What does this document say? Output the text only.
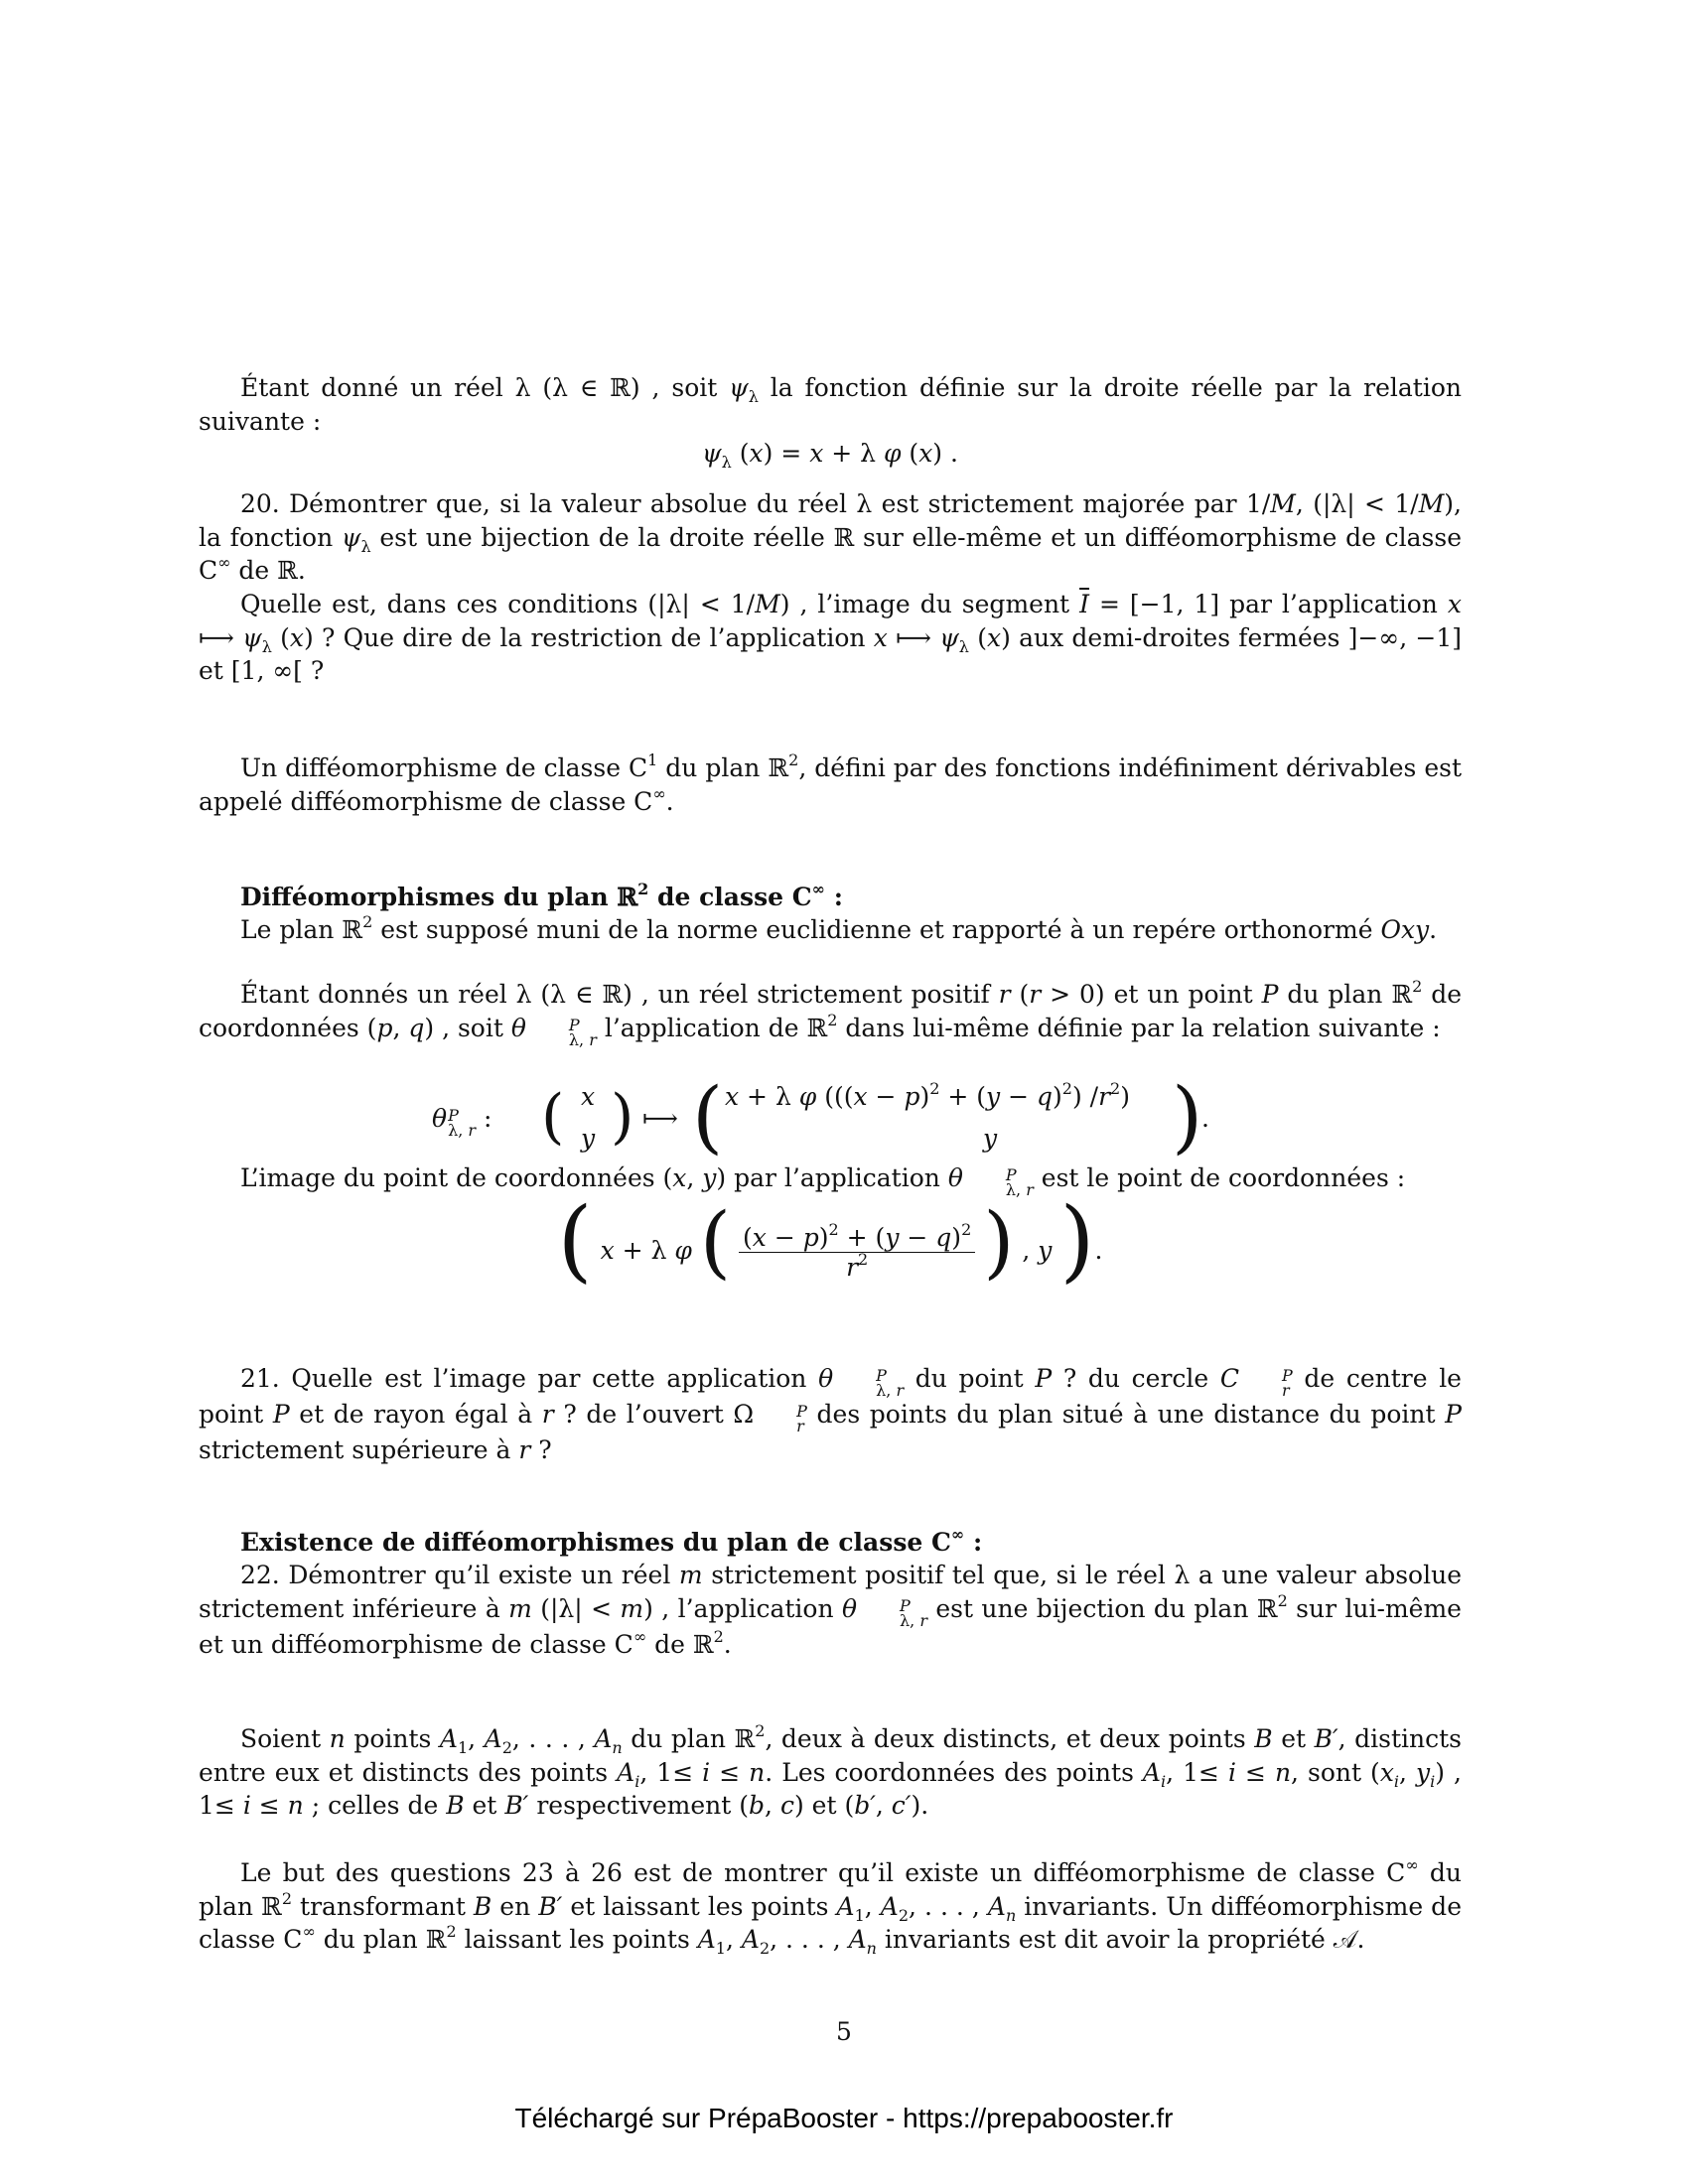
Étant donné un réel λ (λ ∈ ℝ) , soit $\psi_\lambda$ la fonction définie sur la droite réelle par la relation suivante :
$\psi_\lambda$ (x) = x + λ φ (x) .
20. Démontrer que, si la valeur absolue du réel λ est strictement majorée par 1/M, (|λ| < 1/M), la fonction $\psi_\lambda$ est une bijection de la droite réelle ℝ sur elle-même et un difféomorphisme de classe C∞ de ℝ.
Quelle est, dans ces conditions (|λ| < 1/M) , l’image du segment $\overline{I} = [-1$, 1] par l’application x ⟼ $\psi_\lambda$ (x) ? Que dire de la restriction de l’application x ⟼ $\psi_\lambda$ (x) aux demi-droites fermées ]−∞, −1] et [1, ∞[ ?
Un difféomorphisme de classe $C^1$ du plan ℝ$^2$, défini par des fonctions indéfiniment dérivables est appelé difféomorphisme de classe C∞.
Difféomorphismes du plan ℝ$^2$ de classe C∞ :
Le plan ℝ$^2$ est supposé muni de la norme euclidienne et rapporté à un repére orthonormé Oxy.
Étant donnés un réel λ (λ ∈ ℝ) , un réel strictement positif r (r > 0) et un point P du plan ℝ$^2$ de coordonnées (p, q) , soit θ	P
λ, r l’application de ℝ$^2$ dans lui-même définie par la relation suivante :
θ P
λ, r : ( x
y ) ⟼ ( x + λ φ ($((x - p)^2 + (y - q)^2)$ $/r^2$)
y )
.
L’image du point de coordonnées (x, y) par l’application θ	P
λ, r est le point de coordonnées :
( x + λ φ ( $\frac{(x - p)^2 + (y - q)^2}{r^2}$ ) , y ).
21. Quelle est l’image par cette application θ	P
λ, r du point P ? du cercle C	P
r de centre le point P et de rayon égal à r ? de l’ouvert Ω	P
r des points du plan situé à une distance du point P strictement supérieure à r ?
Existence de difféomorphismes du plan de classe C∞ :
22. Démontrer qu’il existe un réel m strictement positif tel que, si le réel λ a une valeur absolue strictement inférieure à m (|λ| < m) , l’application θ	P
λ, r est une bijection du plan ℝ$^2$ sur lui-même et un difféomorphisme de classe C∞ de ℝ$^2$.
Soient n points $A_1$, $A_2$, . . . , $A_n$ du plan ℝ$^2$, deux à deux distincts, et deux points B et B′, distincts entre eux et distincts des points $A_i$, 1≤ i ≤ n. Les coordonnées des points $A_i$, 1≤ i ≤ n, sont ($x_i$, $y_i$) , 1≤ i ≤ n ; celles de B et B′ respectivement (b, c) et (b′, c′).
Le but des questions 23 à 26 est de montrer qu’il existe un difféomorphisme de classe C∞ du plan ℝ$^2$ transformant B en B′ et laissant les points $A_1$, $A_2$, . . . , $A_n$ invariants. Un difféomorphisme de classe C∞ du plan ℝ$^2$ laissant les points $A_1$, $A_2$, . . . , $A_n$ invariants est dit avoir la propriété 𝒜.
5
Téléchargé sur PrépaBooster - https://prepabooster.fr
